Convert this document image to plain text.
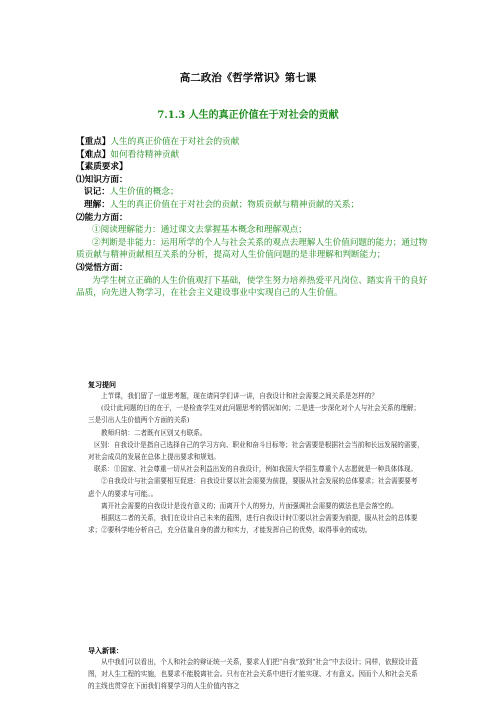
高二政治《哲学常识》第七课
7.1.3 人生的真正价值在于对社会的贡献
【重点】人生的真正价值在于对社会的贡献
【难点】如何看待精神贡献
【素质要求】
⑴知识方面：
识记：人生价值的概念；
理解：人生的真正价值在于对社会的贡献；物质贡献与精神贡献的关系；
⑵能力方面：
①阅读理解能力：通过课文去掌握基本概念和理解观点；
②判断是非能力：运用所学的个人与社会关系的观点去理解人生价值问题的能力；通过物质贡献与精神贡献相互关系的分析，提高对人生价值问题的是非理解和判断能力；
⑶觉悟方面：
为学生树立正确的人生价值观打下基础，使学生努力培养热爱平凡岗位、踏实肯干的良好品质，向先进人物学习，在社会主义建设事业中实现自己的人生价值。
复习提问
上节课，我们留了一道思考题，现在请同学们讲一讲，自我设计和社会需要之间关系是怎样的？
(设计此问题的目的在于，一是检查学生对此问题思考的情况如何；二是进一步深化对个人与社会关系的理解；三是引出人生价值两个方面的关系)
教师归纳：二者既有区别又有联系。
区别：自我设计是指自己选择自己的学习方向、职业和奋斗目标等；社会需要是根据社会当前和长远发展的需要，对社会成员的发展在总体上提出要求和规划。
联系：①国家、社会尊重一切从社会利益出发的自我设计，例如我国大学招生尊重个人志愿就是一种具体体现。
②自我设计与社会需要相互促进：自我设计要以社会需要为前提，要服从社会发展的总体要求；社会需要要考虑个人的要求与可能。。
离开社会需要的自我设计是没有意义的；而离开个人的努力，片面强调社会需要的做法也是会落空的。
根据这二者的关系，我们在设计自己未来的蓝图，进行自我设计时①要以社会需要为前提，服从社会的总体要求；②要科学地分析自己，充分估量自身的潜力和实力，才能发挥自己的优势，取得事业的成功。
导入新课：
从中我们可以看出，个人和社会的辩证统一关系，要求人们把“自我”放到“社会”中去设计；同样，依照设计蓝图，对人生工程的实施，也要求不能脱离社会。只有在社会关系中进行才能实现、才有意义。因而个人和社会关系的主线也贯穿在下面我们将要学习的人生价值内容之
